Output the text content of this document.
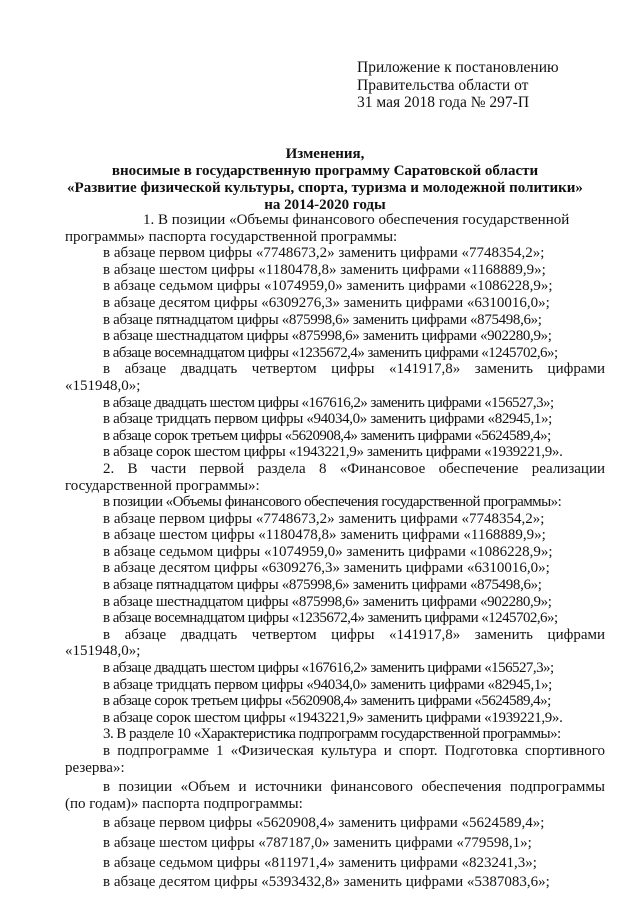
Приложение к постановлению
Правительства области от
31 мая 2018 года № 297-П
Изменения,
вносимые в государственную программу Саратовской области
«Развитие физической культуры, спорта, туризма и молодежной политики»
на 2014-2020 годы
1. В позиции «Объемы финансового обеспечения государственной
программы» паспорта государственной программы:
в абзаце первом цифры «7748673,2» заменить цифрами «7748354,2»;
в абзаце шестом цифры «1180478,8» заменить цифрами «1168889,9»;
в абзаце седьмом цифры «1074959,0» заменить цифрами «1086228,9»;
в абзаце десятом цифры «6309276,3» заменить цифрами «6310016,0»;
в абзаце пятнадцатом цифры «875998,6» заменить цифрами «875498,6»;
в абзаце шестнадцатом цифры «875998,6» заменить цифрами «902280,9»;
в абзаце восемнадцатом цифры «1235672,4» заменить цифрами «1245702,6»;
в абзаце двадцать четвертом цифры «141917,8» заменить цифрами
«151948,0»;
в абзаце двадцать шестом цифры «167616,2» заменить цифрами «156527,3»;
в абзаце тридцать первом цифры «94034,0» заменить цифрами «82945,1»;
в абзаце сорок третьем цифры «5620908,4» заменить цифрами «5624589,4»;
в абзаце сорок шестом цифры «1943221,9» заменить цифрами «1939221,9».
2. В части первой раздела 8 «Финансовое обеспечение реализации
государственной программы»:
в позиции «Объемы финансового обеспечения государственной программы»:
в абзаце первом цифры «7748673,2» заменить цифрами «7748354,2»;
в абзаце шестом цифры «1180478,8» заменить цифрами «1168889,9»;
в абзаце седьмом цифры «1074959,0» заменить цифрами «1086228,9»;
в абзаце десятом цифры «6309276,3» заменить цифрами «6310016,0»;
в абзаце пятнадцатом цифры «875998,6» заменить цифрами «875498,6»;
в абзаце шестнадцатом цифры «875998,6» заменить цифрами «902280,9»;
в абзаце восемнадцатом цифры «1235672,4» заменить цифрами «1245702,6»;
в абзаце двадцать четвертом цифры «141917,8» заменить цифрами
«151948,0»;
в абзаце двадцать шестом цифры «167616,2» заменить цифрами «156527,3»;
в абзаце тридцать первом цифры «94034,0» заменить цифрами «82945,1»;
в абзаце сорок третьем цифры «5620908,4» заменить цифрами «5624589,4»;
в абзаце сорок шестом цифры «1943221,9» заменить цифрами «1939221,9».
3. В разделе 10 «Характеристика подпрограмм государственной программы»:
в подпрограмме 1 «Физическая культура и спорт. Подготовка спортивного
резерва»:
в позиции «Объем и источники финансового обеспечения подпрограммы
(по годам)» паспорта подпрограммы:
в абзаце первом цифры «5620908,4» заменить цифрами «5624589,4»;
в абзаце шестом цифры «787187,0» заменить цифрами «779598,1»;
в абзаце седьмом цифры «811971,4» заменить цифрами «823241,3»;
в абзаце десятом цифры «5393432,8» заменить цифрами «5387083,6»;
